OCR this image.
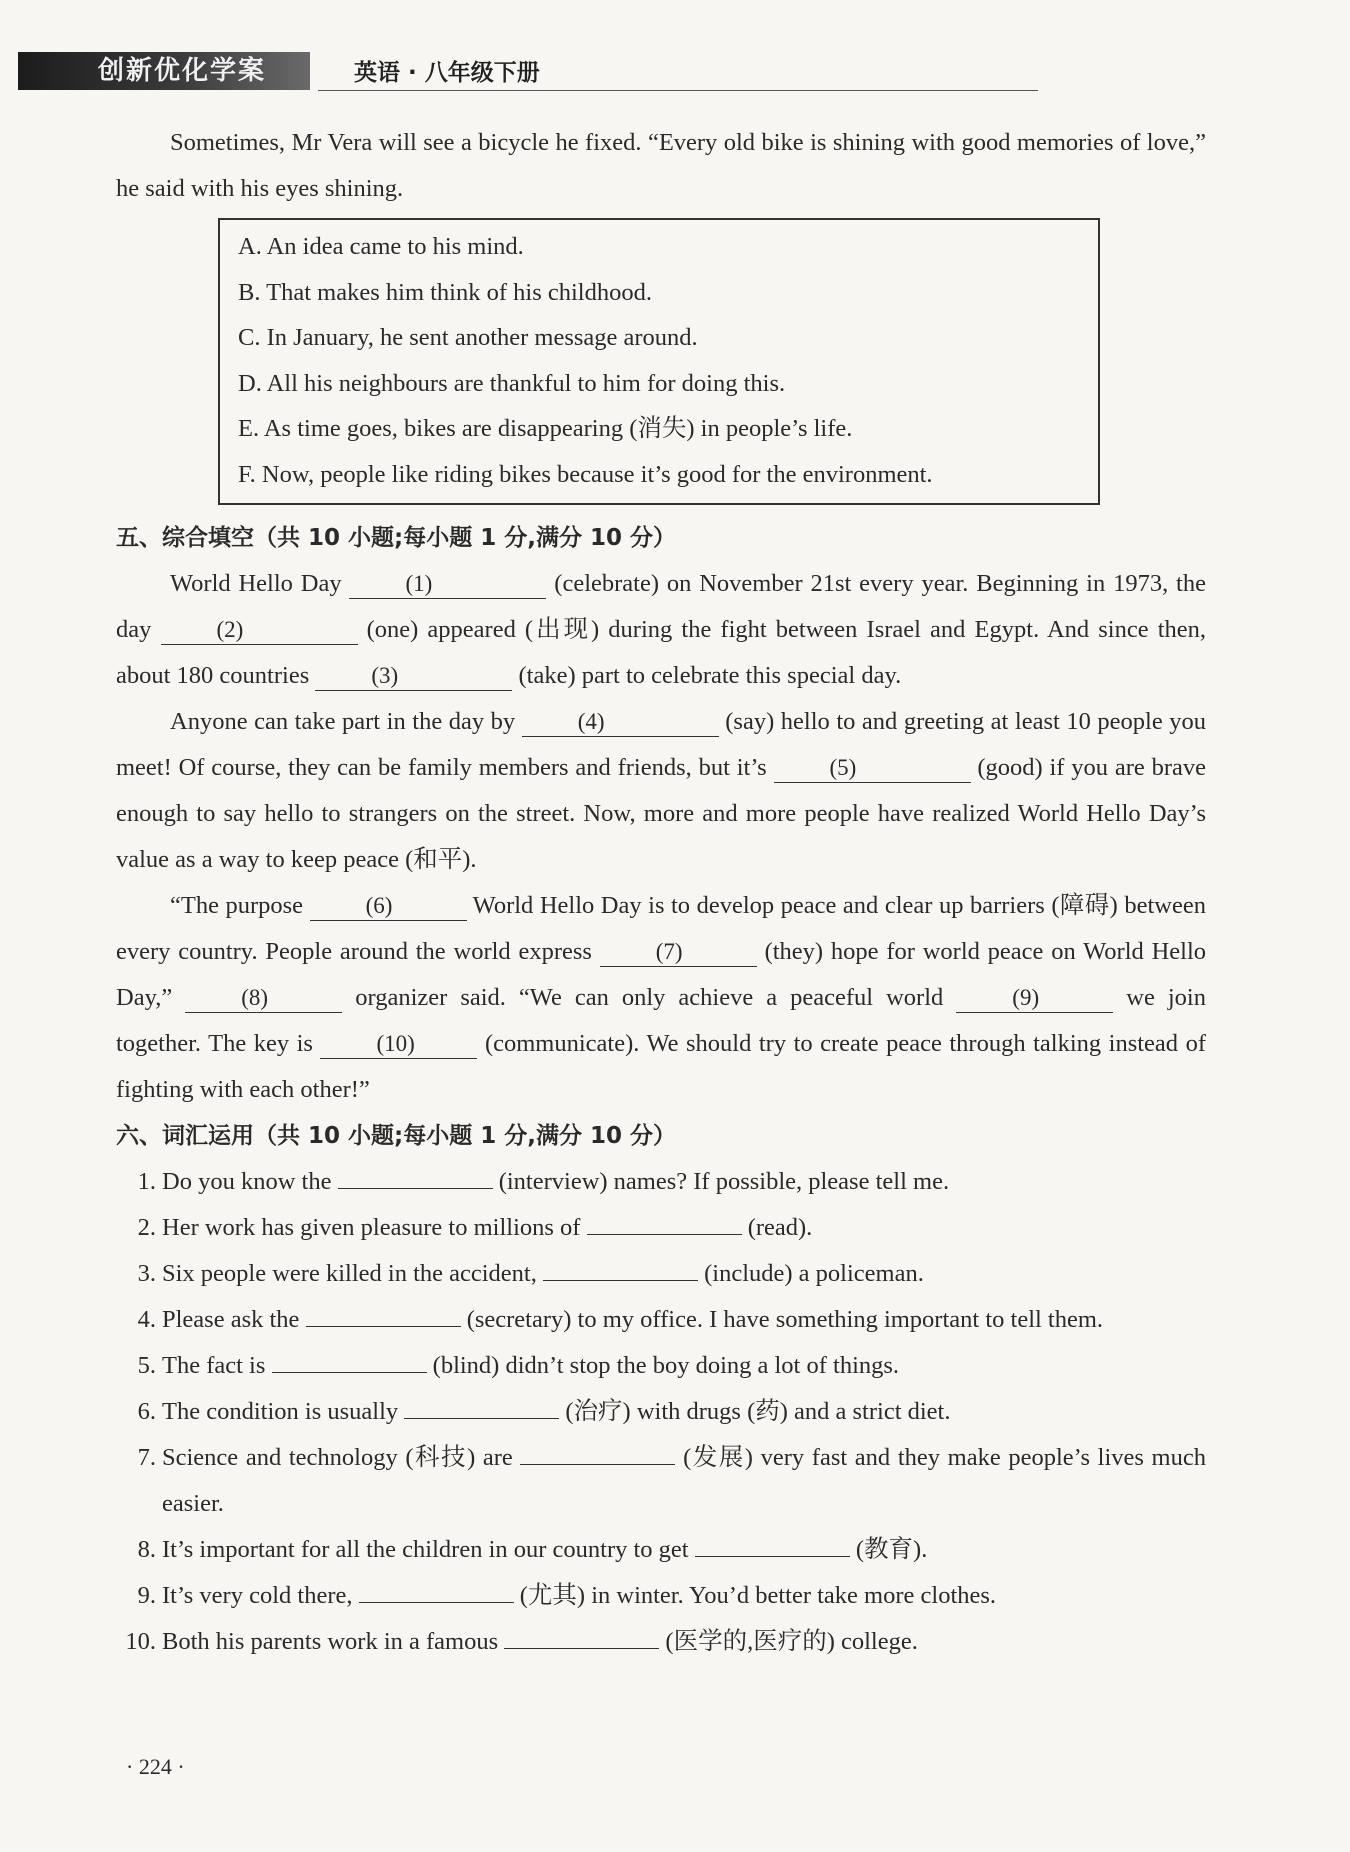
创新优化学案	英语 · 八年级下册

Sometimes, Mr Vera will see a bicycle he fixed. “Every old bike is shining with good memories of love,” he said with his eyes shining.

A. An idea came to his mind.
B. That makes him think of his childhood.
C. In January, he sent another message around.
D. All his neighbours are thankful to him for doing this.
E. As time goes, bikes are disappearing (消失) in people’s life.
F. Now, people like riding bikes because it’s good for the environment.
五、综合填空（共 10 小题;每小题 1 分,满分 10 分）

World Hello Day (1)	(celebrate) on November 21st every year. Beginning in 1973, the day (2)	(one) appeared (出现) during the fight between Israel and Egypt. And since then, about 180 countries (3)	(take) part to celebrate this special day.

Anyone can take part in the day by (4)	(say) hello to and greeting at least 10 people you meet! Of course, they can be family members and friends, but it’s (5)	(good) if you are brave enough to say hello to strangers on the street. Now, more and more people have realized World Hello Day’s value as a way to keep peace (和平).

“The purpose (6)	World Hello Day is to develop peace and clear up barriers (障碍) between every country. People around the world express (7)	(they) hope for world peace on World Hello Day,” (8)	organizer said. “We can only achieve a peaceful world (9)	we join together. The key is (10)	(communicate). We should try to create peace through talking instead of fighting with each other!”

六、词汇运用（共 10 小题;每小题 1 分,满分 10 分）
1. Do you know the	(interview) names? If possible, please tell me.
2. Her work has given pleasure to millions of	(read).
3. Six people were killed in the accident,	(include) a policeman.
4. Please ask the	(secretary) to my office. I have something important to tell them.
5. The fact is	(blind) didn’t stop the boy doing a lot of things.
6. The condition is usually	(治疗) with drugs (药) and a strict diet.
7. Science and technology (科技) are	(发展) very fast and they make people’s lives much easier.
8. It’s important for all the children in our country to get	(教育).
9. It’s very cold there,	(尤其) in winter. You’d better take more clothes.
10. Both his parents work in a famous	(医学的,医疗的) college.
· 224 ·
